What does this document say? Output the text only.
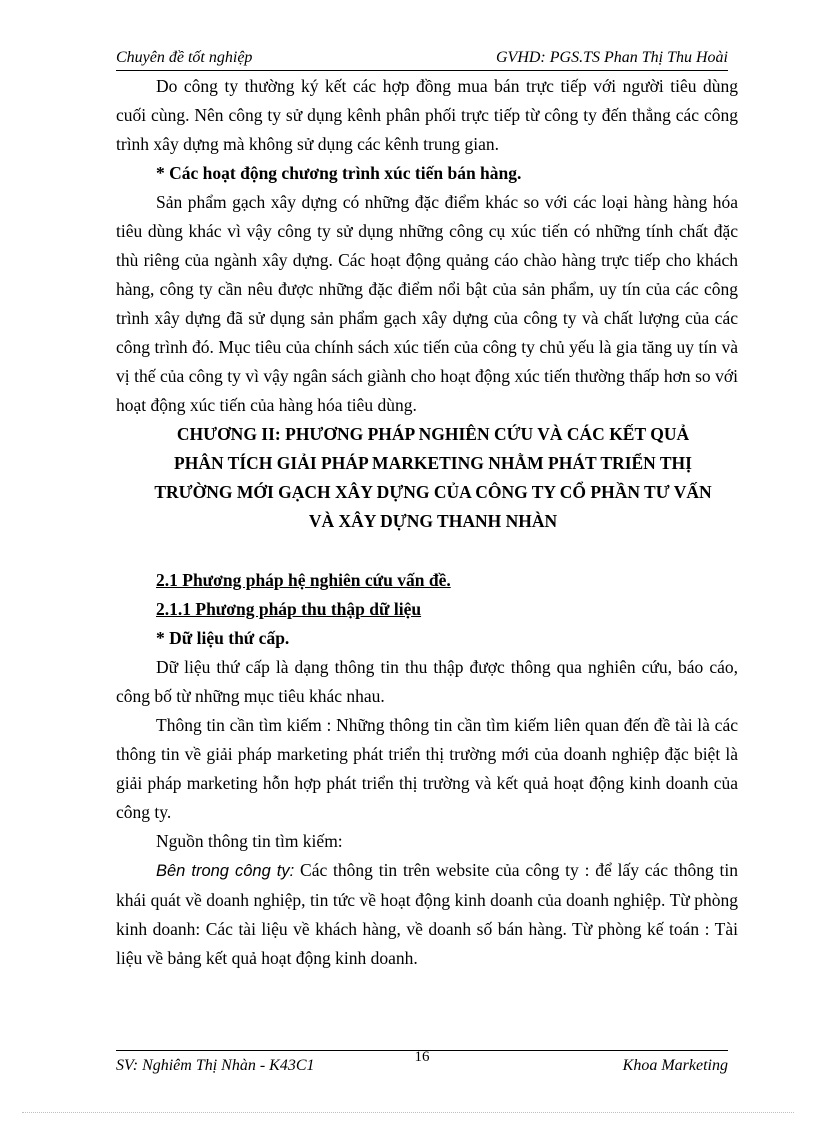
Chuyên đề tốt nghiệp	GVHD: PGS.TS Phan Thị Thu Hoài

Do công ty thường ký kết các hợp đồng mua bán trực tiếp với người tiêu dùng cuối cùng. Nên công ty sử dụng kênh phân phối trực tiếp từ công ty đến thẳng các công trình xây dựng mà không sử dụng các kênh trung gian.

* Các hoạt động chương trình xúc tiến bán hàng.

Sản phẩm gạch xây dựng có những đặc điểm khác so với các loại hàng hàng hóa tiêu dùng khác vì vậy công ty sử dụng những công cụ xúc tiến có những tính chất đặc thù riêng của ngành xây dựng. Các hoạt động quảng cáo chào hàng trực tiếp cho khách hàng, công ty cần nêu được những đặc điểm nổi bật của sản phẩm, uy tín của các công trình xây dựng đã sử dụng sản phẩm gạch xây dựng của công ty và chất lượng của các công trình đó. Mục tiêu của chính sách xúc tiến của công ty chủ yếu là gia tăng uy tín và vị thế của công ty vì vậy ngân sách giành cho hoạt động xúc tiến thường thấp hơn so với hoạt động xúc tiến của hàng hóa tiêu dùng.

CHƯƠNG II: PHƯƠNG PHÁP NGHIÊN CỨU VÀ CÁC KẾT QUẢ

PHÂN TÍCH GIẢI PHÁP MARKETING NHẰM PHÁT TRIỂN THỊ

TRƯỜNG MỚI GẠCH XÂY DỰNG CỦA CÔNG TY CỔ PHẦN TƯ VẤN

VÀ XÂY DỰNG THANH NHÀN

2.1 Phương pháp hệ nghiên cứu vấn đề.

2.1.1 Phương pháp thu thập dữ liệu

* Dữ liệu thứ cấp.

Dữ liệu thứ cấp là dạng thông tin thu thập được thông qua nghiên cứu, báo cáo, công bố từ những mục tiêu khác nhau.

Thông tin cần tìm kiếm : Những thông tin cần tìm kiếm liên quan đến đề tài là các thông tin về giải pháp marketing phát triển thị trường mới của doanh nghiệp đặc biệt là giải pháp marketing hỗn hợp phát triển thị trường và kết quả hoạt động kinh doanh của công ty.

Nguồn thông tin tìm kiếm:

Bên trong công ty: Các thông tin trên website của công ty : để lấy các thông tin khái quát về doanh nghiệp, tin tức về hoạt động kinh doanh của doanh nghiệp. Từ phòng kinh doanh: Các tài liệu về khách hàng, về doanh số bán hàng. Từ phòng kế toán : Tài liệu về bảng kết quả hoạt động kinh doanh.

SV: Nghiêm Thị Nhàn - K43C1	16	Khoa Marketing
